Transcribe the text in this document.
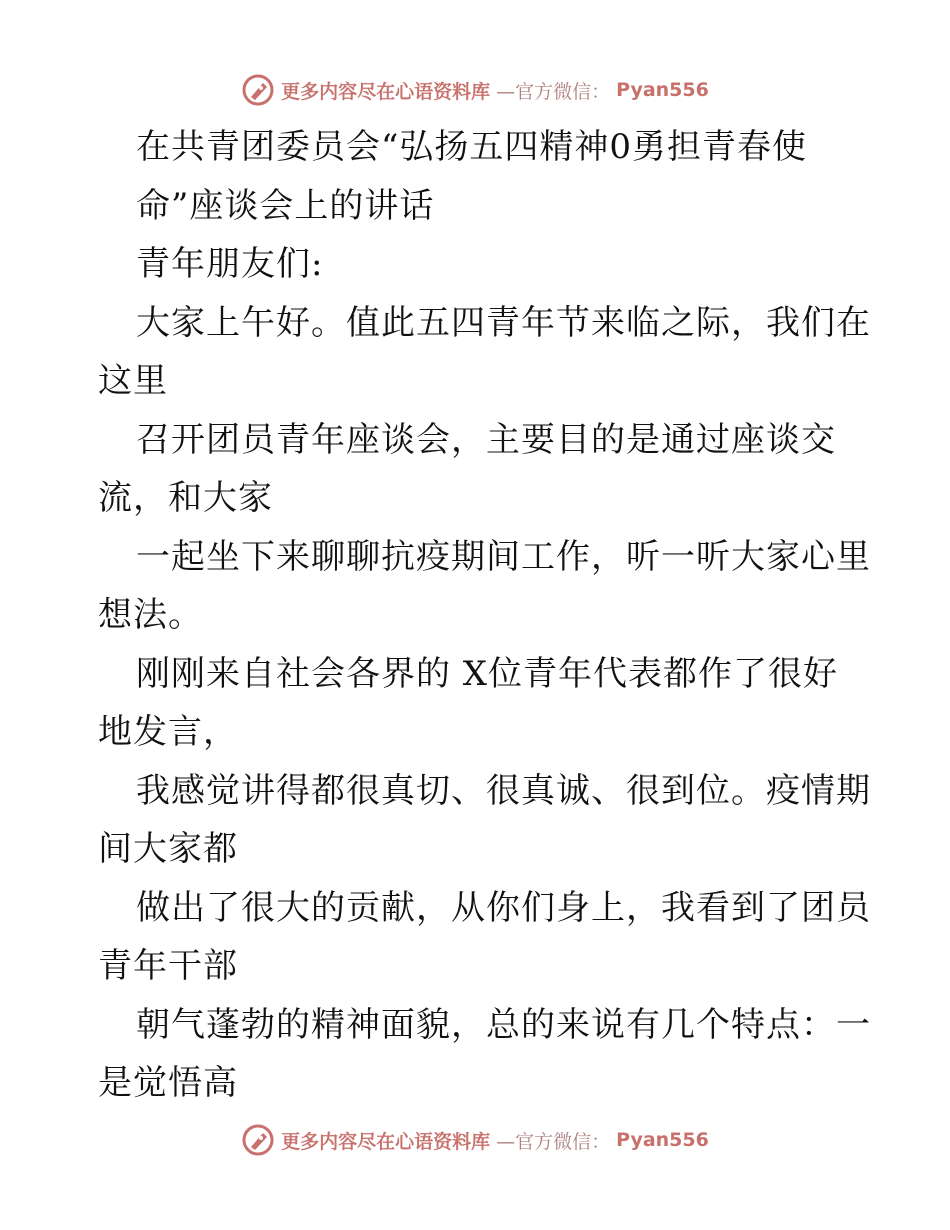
更多内容尽在心语资料库 —官方微信： Pyan556
在共青团委员会“弘扬五四精神0勇担青春使
命”座谈会上的讲话
青年朋友们:
大家上午好。值此五四青年节来临之际，我们在
这里
召开团员青年座谈会，主要目的是通过座谈交
流，和大家
一起坐下来聊聊抗疫期间工作，听一听大家心里
想法。
刚刚来自社会各界的 X位青年代表都作了很好
地发言，
我感觉讲得都很真切、很真诚、很到位。疫情期
间大家都
做出了很大的贡献，从你们身上，我看到了团员
青年干部
朝气蓬勃的精神面貌，总的来说有几个特点：一
是觉悟高
更多内容尽在心语资料库 —官方微信： Pyan556
